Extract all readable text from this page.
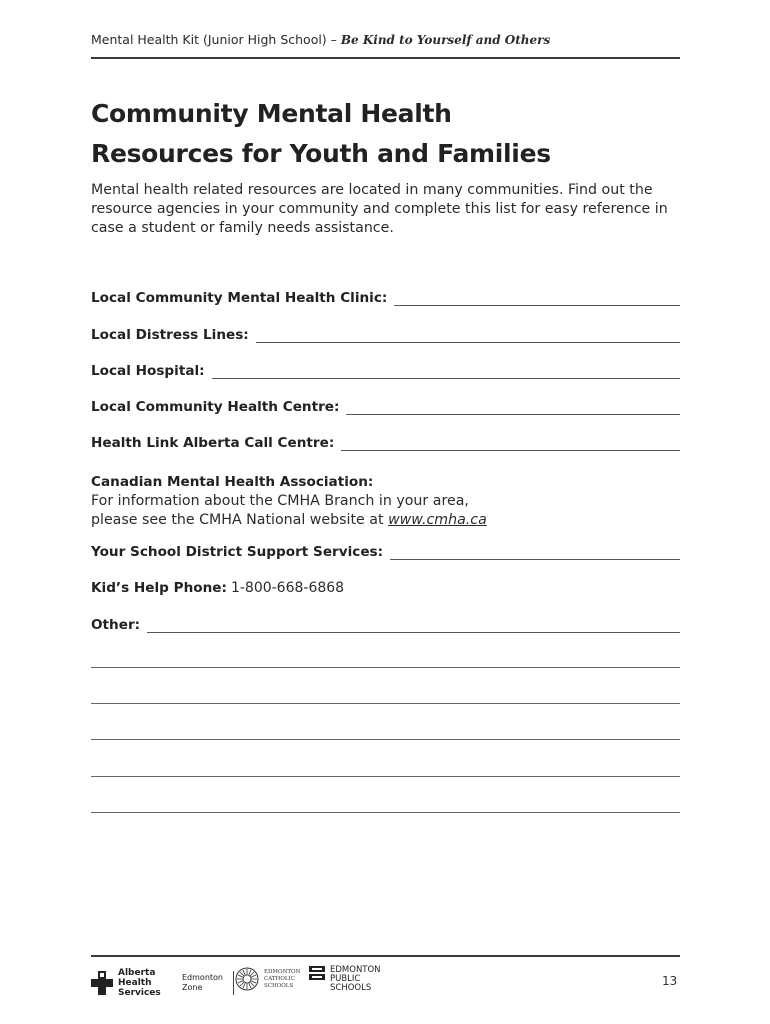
Mental Health Kit (Junior High School) – Be Kind to Yourself and Others
Community Mental Health
Resources for Youth and Families

Mental health related resources are located in many communities. Find out the resource agencies in your community and complete this list for easy reference in case a student or family needs assistance.

Local Community Mental Health Clinic:
Local Distress Lines:
Local Hospital:
Local Community Health Centre:
Health Link Alberta Call Centre:
Canadian Mental Health Association:
For information about the CMHA Branch in your area,
please see the CMHA National website at www.cmha.ca
Your School District Support Services:
Kid’s Help Phone: 1-800-668-6868
Other:
Alberta Health Services
Edmonton Zone
EDMONTON CATHOLIC SCHOOLS
EDMONTON PUBLIC SCHOOLS	13
